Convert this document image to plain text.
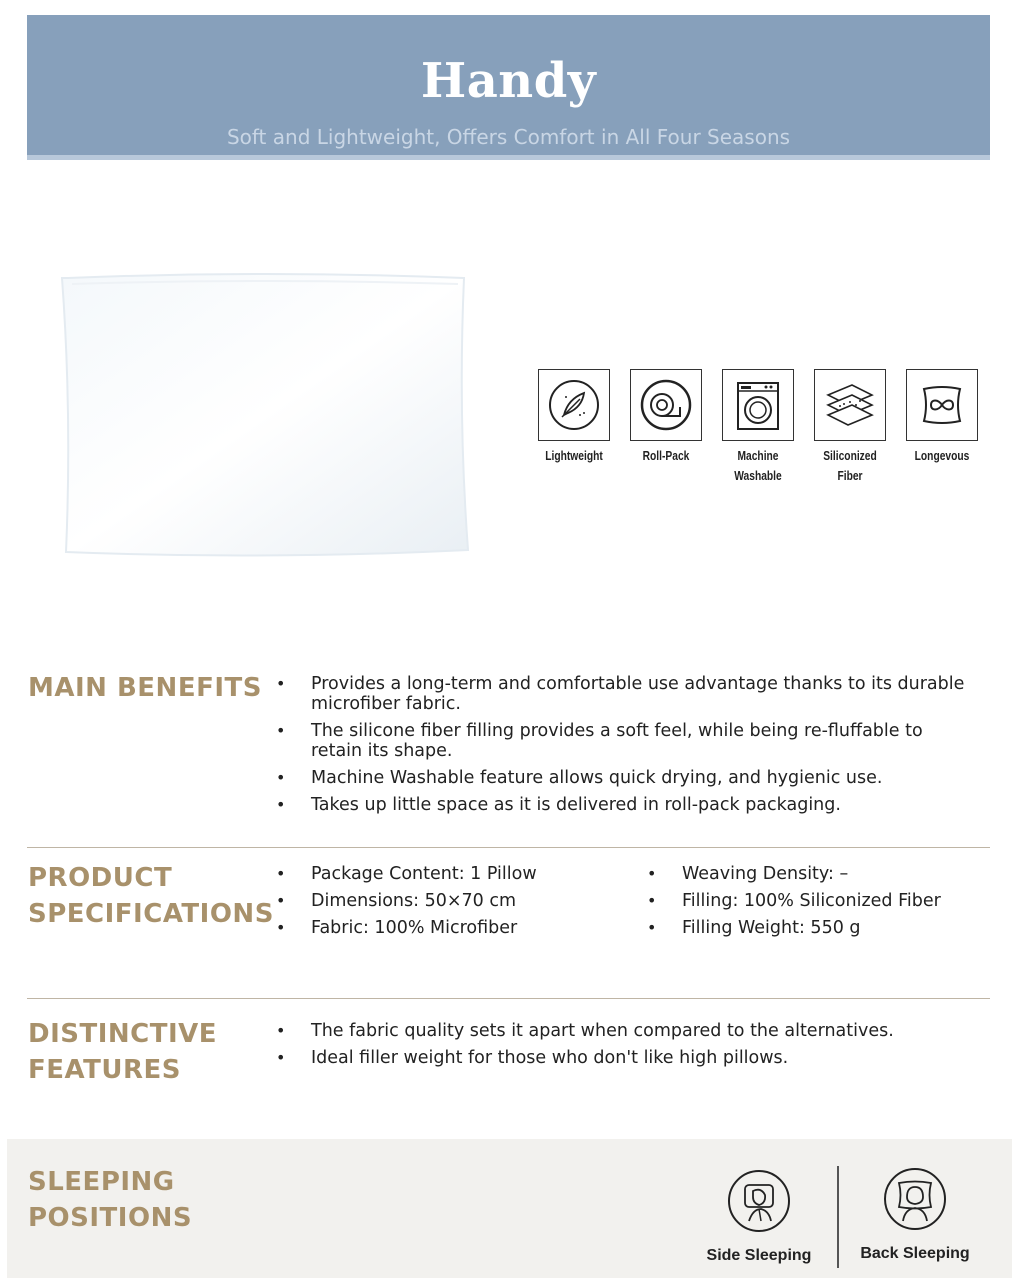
Handy
Soft and Lightweight, Offers Comfort in All Four Seasons
Lightweight	Roll-Pack	Machine
Washable
Siliconized
Fiber
Longevous
MAIN BENEFITS
•	Provides a long-term and comfortable use advantage thanks to its durable microfiber fabric.
• The silicone fiber filling provides a soft feel, while being re-fluffable to retain its shape.
• Machine Washable feature allows quick drying, and hygienic use.
• Takes up little space as it is delivered in roll-pack packaging.
PRODUCT
SPECIFICATIONS
• Package Content: 1 Pillow
• Dimensions: 50×70 cm
• Fabric: 100% Microfiber
• Weaving Density: –
• Filling: 100% Siliconized Fiber
• Filling Weight: 550 g
DISTINCTIVE
FEATURES
• The fabric quality sets it apart when compared to the alternatives.
• Ideal filler weight for those who don't like high pillows.
SLEEPING
POSITIONS
Side Sleeping	Back Sleeping
